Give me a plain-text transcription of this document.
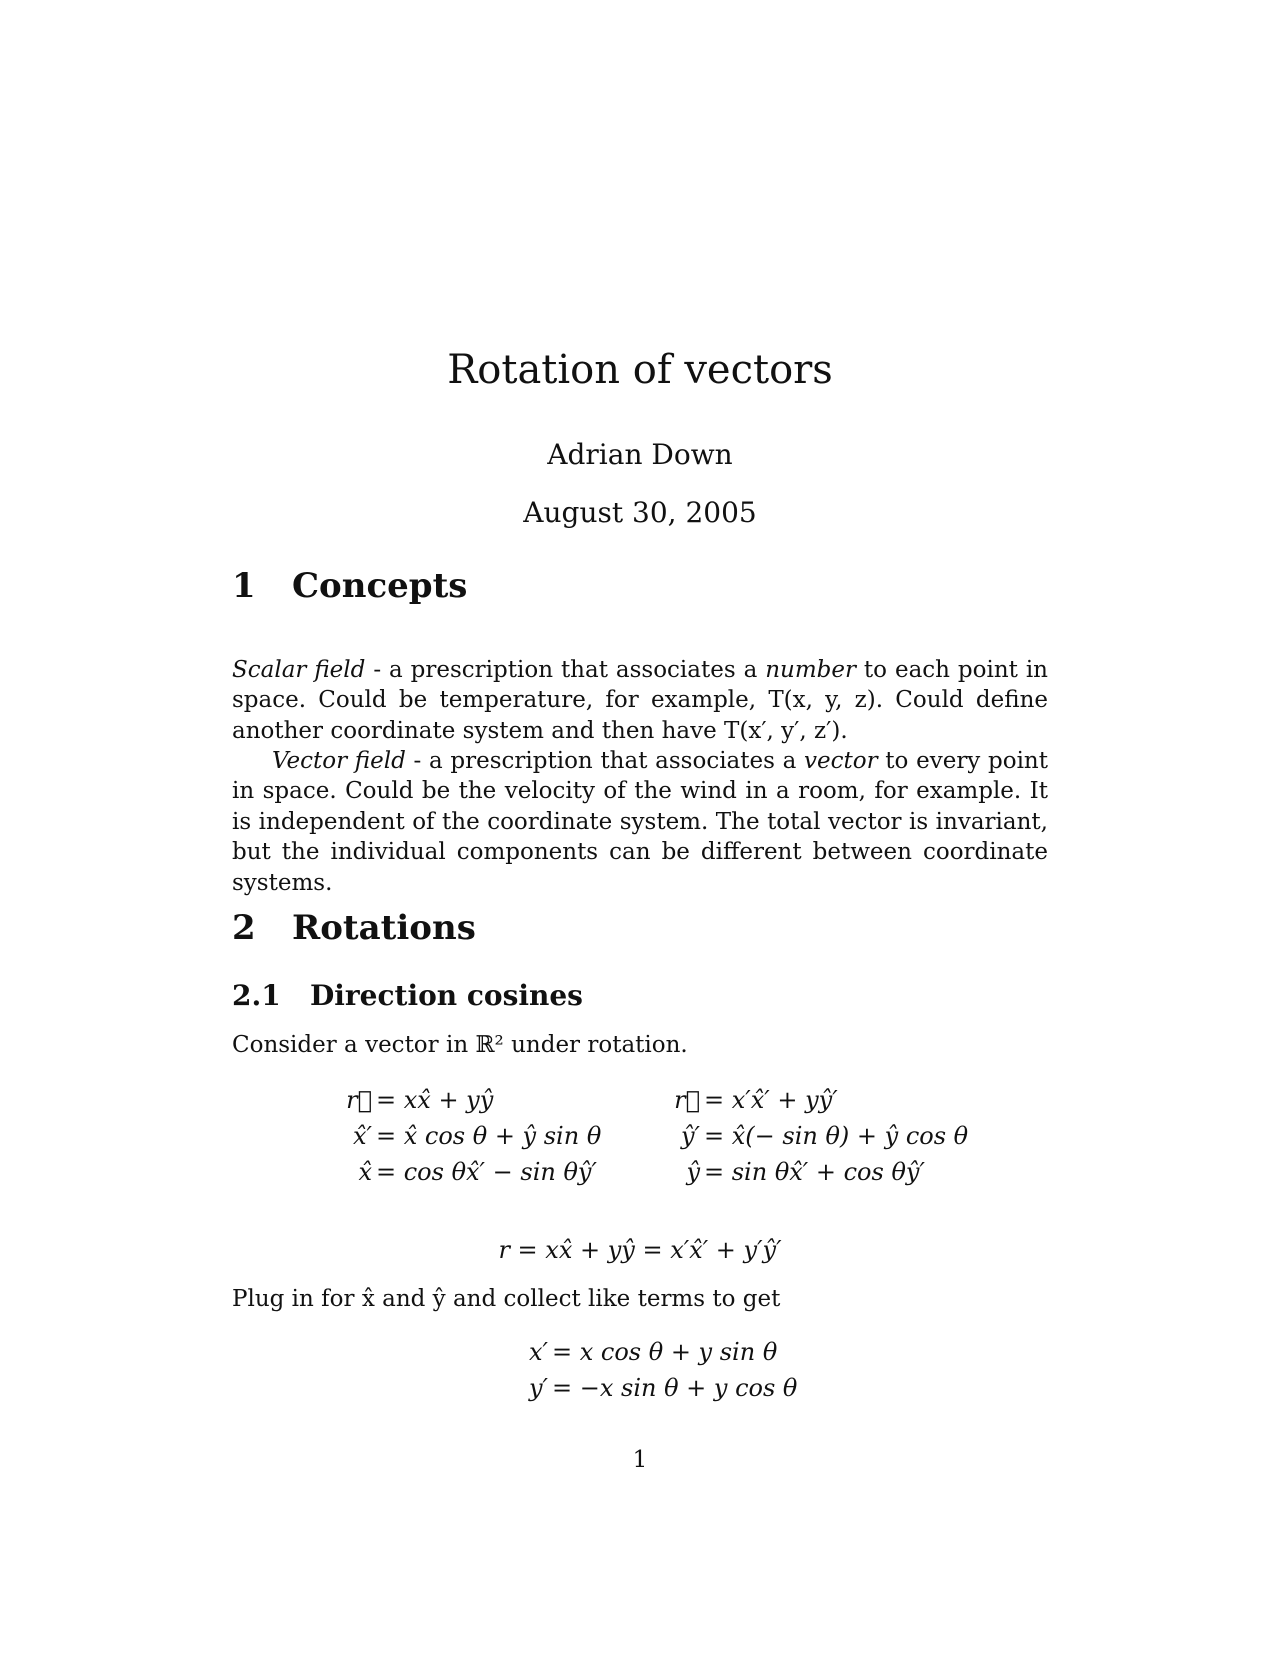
Rotation of vectors
Adrian Down
August 30, 2005
1 Concepts
Scalar field - a prescription that associates a number to each point in space. Could be temperature, for example, T(x, y, z). Could define another coordinate system and then have T(x′, y′, z′).
Vector field - a prescription that associates a vector to every point in space. Could be the velocity of the wind in a room, for example. It is independent of the coordinate system. The total vector is invariant, but the individual components can be different between coordinate systems.
2 Rotations
2.1 Direction cosines
Consider a vector in ℝ² under rotation.
r⃗ = xx̂ + yŷ
x̂′ = x̂ cos θ + ŷ sin θ
x̂ = cos θx̂′ − sin θŷ′
r⃗ = x′x̂′ + yŷ′
ŷ′ = x̂(− sin θ) + ŷ cos θ
ŷ = sin θx̂′ + cos θŷ′
r = xx̂ + yŷ = x′x̂′ + y′ŷ′
Plug in for x̂ and ŷ and collect like terms to get
x′ = x cos θ + y sin θ
y′ = −x sin θ + y cos θ
1
